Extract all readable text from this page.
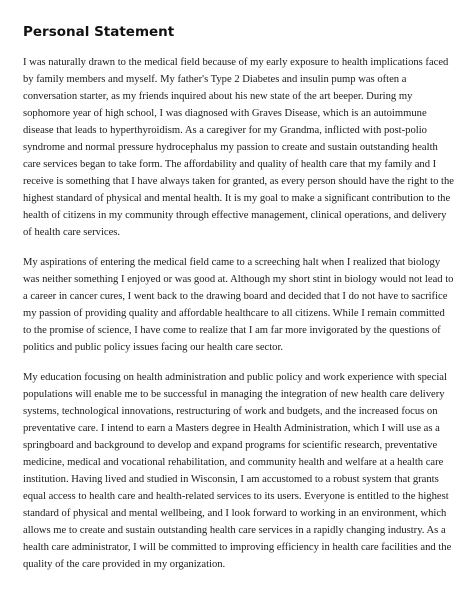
Personal Statement

I was naturally drawn to the medical field because of my early exposure to health implications faced by family members and myself. My father's Type 2 Diabetes and insulin pump was often a conversation starter, as my friends inquired about his new state of the art beeper. During my sophomore year of high school, I was diagnosed with Graves Disease, which is an autoimmune disease that leads to hyperthyroidism. As a caregiver for my Grandma, inflicted with post-polio syndrome and normal pressure hydrocephalus my passion to create and sustain outstanding health care services began to take form. The affordability and quality of health care that my family and I receive is something that I have always taken for granted, as every person should have the right to the highest standard of physical and mental health. It is my goal to make a significant contribution to the health of citizens in my community through effective management, clinical operations, and delivery of health care services.

My aspirations of entering the medical field came to a screeching halt when I realized that biology was neither something I enjoyed or was good at. Although my short stint in biology would not lead to a career in cancer cures, I went back to the drawing board and decided that I do not have to sacrifice my passion of providing quality and affordable healthcare to all citizens. While I remain committed to the promise of science, I have come to realize that I am far more invigorated by the questions of politics and public policy issues facing our health care sector.

My education focusing on health administration and public policy and work experience with special populations will enable me to be successful in managing the integration of new health care delivery systems, technological innovations, restructuring of work and budgets, and the increased focus on preventative care. I intend to earn a Masters degree in Health Administration, which I will use as a springboard and background to develop and expand programs for scientific research, preventative medicine, medical and vocational rehabilitation, and community health and welfare at a health care institution. Having lived and studied in Wisconsin, I am accustomed to a robust system that grants equal access to health care and health-related services to its users. Everyone is entitled to the highest standard of physical and mental wellbeing, and I look forward to working in an environment, which allows me to create and sustain outstanding health care services in a rapidly changing industry. As a health care administrator, I will be committed to improving efficiency in health care facilities and the quality of the care provided in my organization.
